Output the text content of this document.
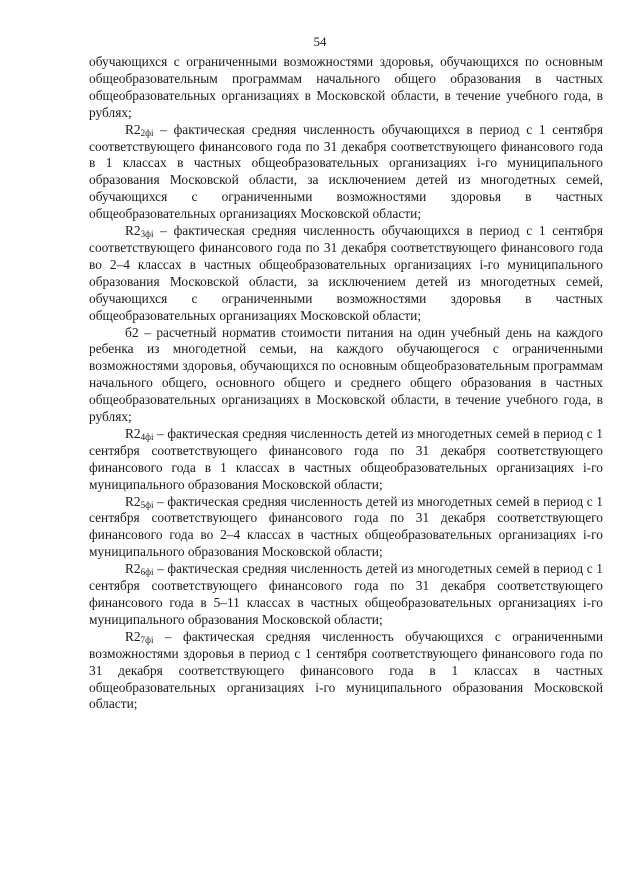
54

обучающихся с ограниченными возможностями здоровья, обучающихся по основным общеобразовательным программам начального общего образования в частных общеобразовательных организациях в Московской области, в течение учебного года, в рублях;

$R2_{2фi}$ – фактическая средняя численность обучающихся в период с 1 сентября соответствующего финансового года по 31 декабря соответствующего финансового года в 1 классах в частных общеобразовательных организациях i-го муниципального образования Московской области, за исключением детей из многодетных семей, обучающихся с ограниченными возможностями здоровья в частных общеобразовательных организациях Московской области;

$R2_{3фi}$ – фактическая средняя численность обучающихся в период с 1 сентября соответствующего финансового года по 31 декабря соответствующего финансового года во 2–4 классах в частных общеобразовательных организациях i-го муниципального образования Московской области, за исключением детей из многодетных семей, обучающихся с ограниченными возможностями здоровья в частных общеобразовательных организациях Московской области;

б2 – расчетный норматив стоимости питания на один учебный день на каждого ребенка из многодетной семьи, на каждого обучающегося с ограниченными возможностями здоровья, обучающихся по основным общеобразовательным программам начального общего, основного общего и среднего общего образования в частных общеобразовательных организациях в Московской области, в течение учебного года, в рублях;

$R2_{4фi}$ – фактическая средняя численность детей из многодетных семей в период с 1 сентября соответствующего финансового года по 31 декабря соответствующего финансового года в 1 классах в частных общеобразовательных организациях i-го муниципального образования Московской области;

$R2_{5фi}$ – фактическая средняя численность детей из многодетных семей в период с 1 сентября соответствующего финансового года по 31 декабря соответствующего финансового года во 2–4 классах в частных общеобразовательных организациях i-го муниципального образования Московской области;

$R2_{6фi}$ – фактическая средняя численность детей из многодетных семей в период с 1 сентября соответствующего финансового года по 31 декабря соответствующего финансового года в 5–11 классах в частных общеобразовательных организациях i-го муниципального образования Московской области;

$R2_{7фi}$ – фактическая средняя численность обучающихся с ограниченными возможностями здоровья в период с 1 сентября соответствующего финансового года по 31 декабря соответствующего финансового года в 1 классах в частных общеобразовательных организациях i-го муниципального образования Московской области;
